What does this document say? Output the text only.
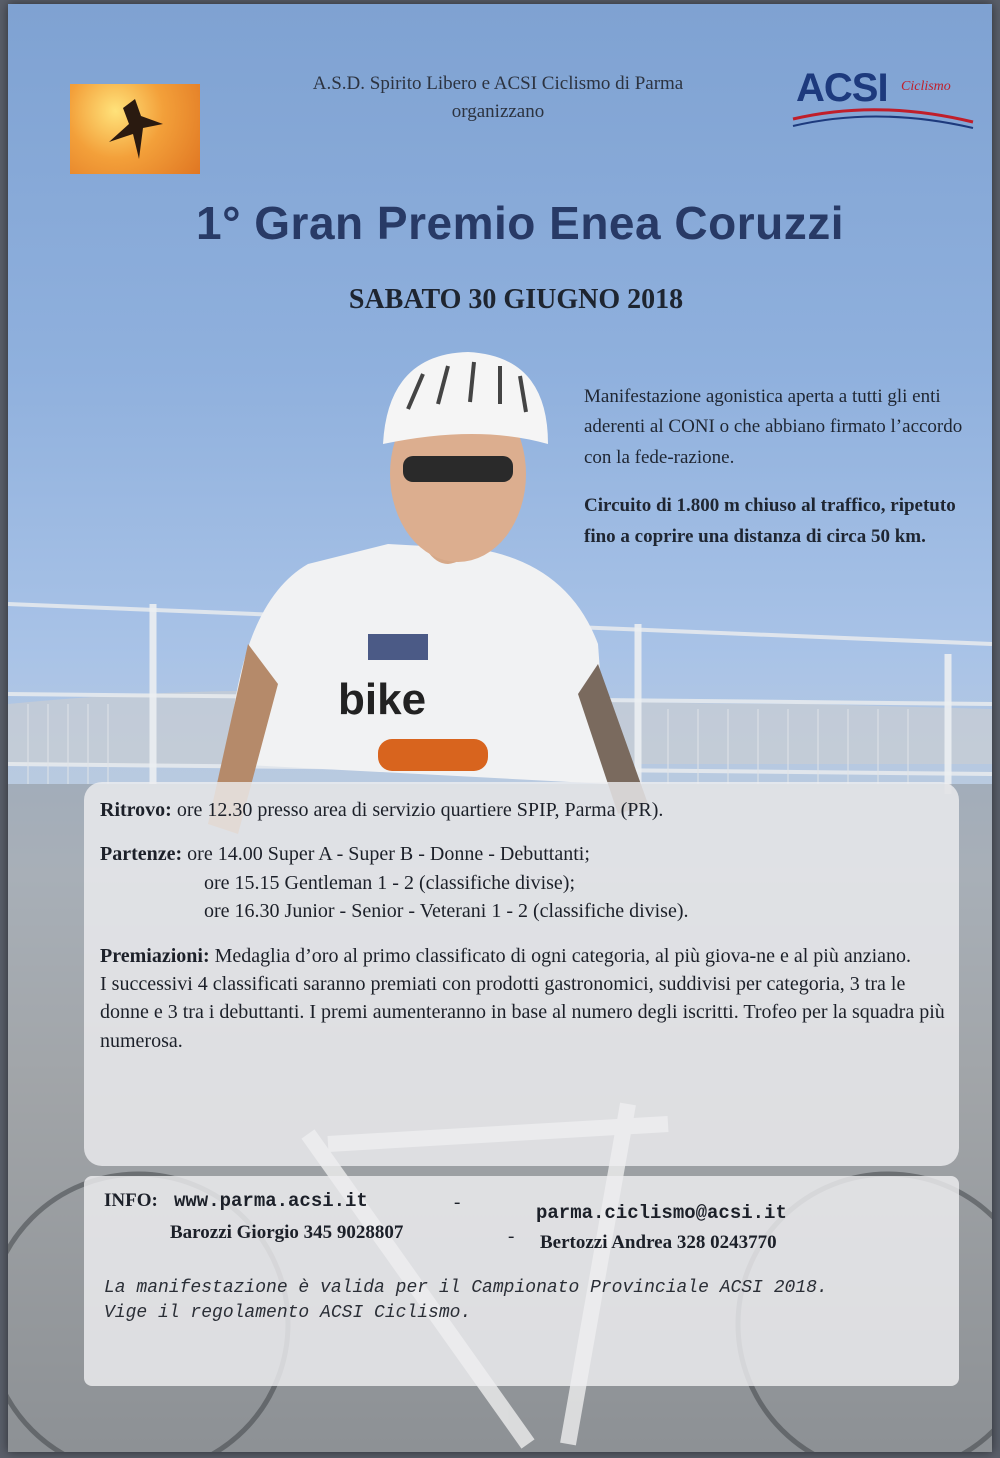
bike
A.S.D. Spirito Libero e ACSI Ciclismo di Parma
organizzano
ACSI Ciclismo
1° Gran Premio Enea Coruzzi
SABATO 30 GIUGNO 2018

Manifestazione agonistica aperta a tutti gli enti aderenti al CONI o che abbiano firmato l’accordo con la fede-razione.

Circuito di 1.800 m chiuso al traffico, ripetuto fino a coprire una distanza di circa 50 km.

Ritrovo: ore 12.30 presso area di servizio quartiere SPIP, Parma (PR).

Partenze: ore 14.00 Super A - Super B - Donne - Debuttanti;
ore 15.15 Gentleman 1 - 2 (classifiche divise);
ore 16.30 Junior - Senior - Veterani 1 - 2 (classifiche divise).

Premiazioni: Medaglia d’oro al primo classificato di ogni categoria, al più giova-ne e al più anziano.
I successivi 4 classificati saranno premiati con prodotti gastronomici, suddivisi per categoria, 3 tra le donne e 3 tra i debuttanti. I premi aumenteranno in base al numero degli iscritti. Trofeo per la squadra più numerosa.

INFO: www.parma.acsi.it	-	parma.ciclismo@acsi.it
Barozzi Giorgio 345 9028807	- Bertozzi Andrea 328 0243770
La manifestazione è valida per il Campionato Provinciale ACSI 2018.
Vige il regolamento ACSI Ciclismo.
